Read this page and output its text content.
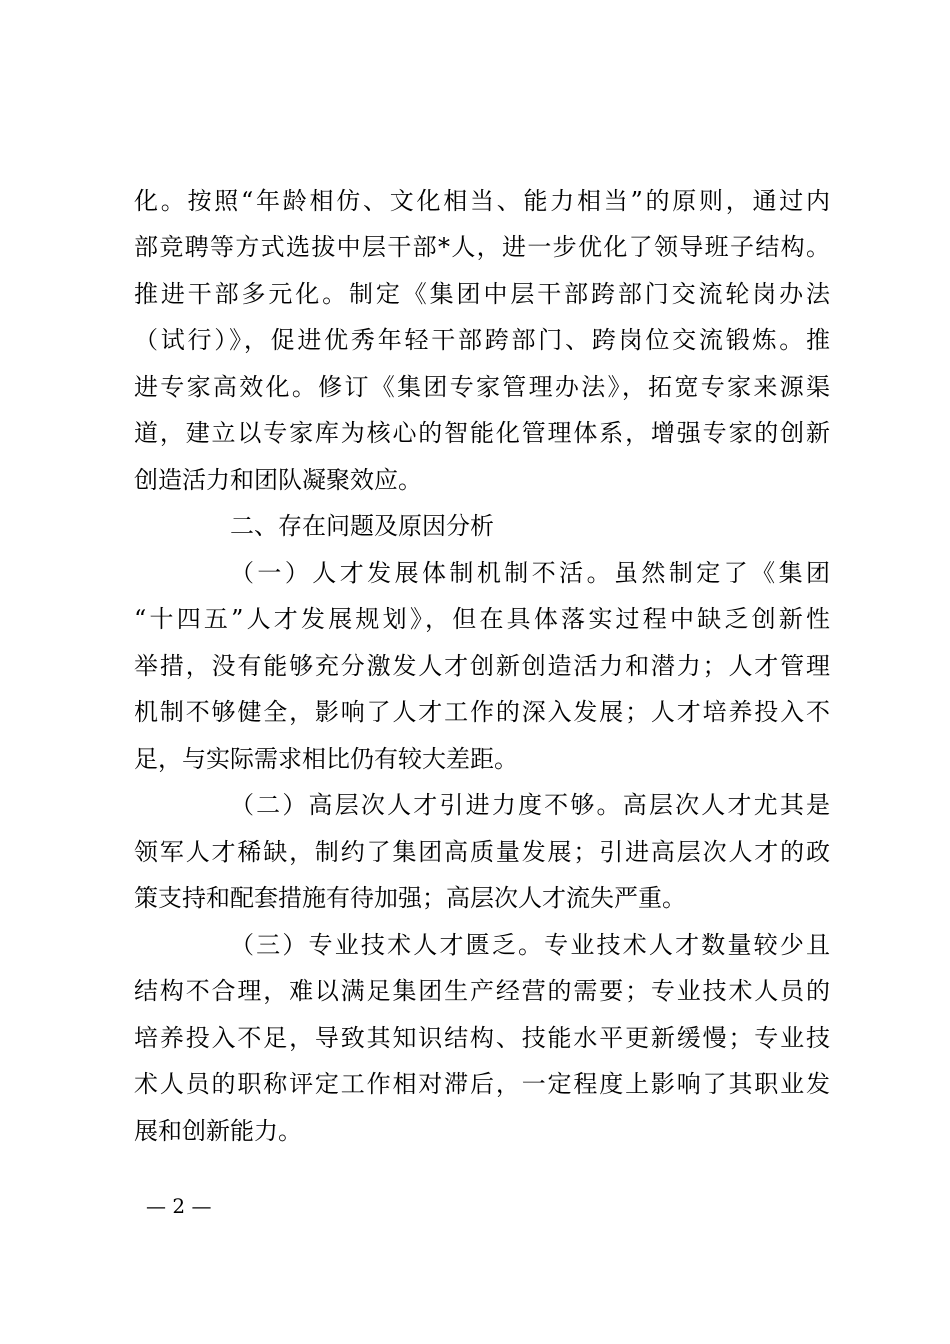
化。按照“年龄相仿、文化相当、能力相当”的原则，通过内
部竞聘等方式选拔中层干部*人，进一步优化了领导班子结构。
推进干部多元化。制定《集团中层干部跨部门交流轮岗办法
（试行）》，促进优秀年轻干部跨部门、跨岗位交流锻炼。推
进专家高效化。修订《集团专家管理办法》，拓宽专家来源渠
道，建立以专家库为核心的智能化管理体系，增强专家的创新
创造活力和团队凝聚效应。
二、存在问题及原因分析
（一）人才发展体制机制不活。虽然制定了《集团
“十四五”人才发展规划》，但在具体落实过程中缺乏创新性
举措，没有能够充分激发人才创新创造活力和潜力；人才管理
机制不够健全，影响了人才工作的深入发展；人才培养投入不
足，与实际需求相比仍有较大差距。
（二）高层次人才引进力度不够。高层次人才尤其是
领军人才稀缺，制约了集团高质量发展；引进高层次人才的政
策支持和配套措施有待加强；高层次人才流失严重。
（三）专业技术人才匮乏。专业技术人才数量较少且
结构不合理，难以满足集团生产经营的需要；专业技术人员的
培养投入不足，导致其知识结构、技能水平更新缓慢；专业技
术人员的职称评定工作相对滞后，一定程度上影响了其职业发
展和创新能力。
— 2 —
